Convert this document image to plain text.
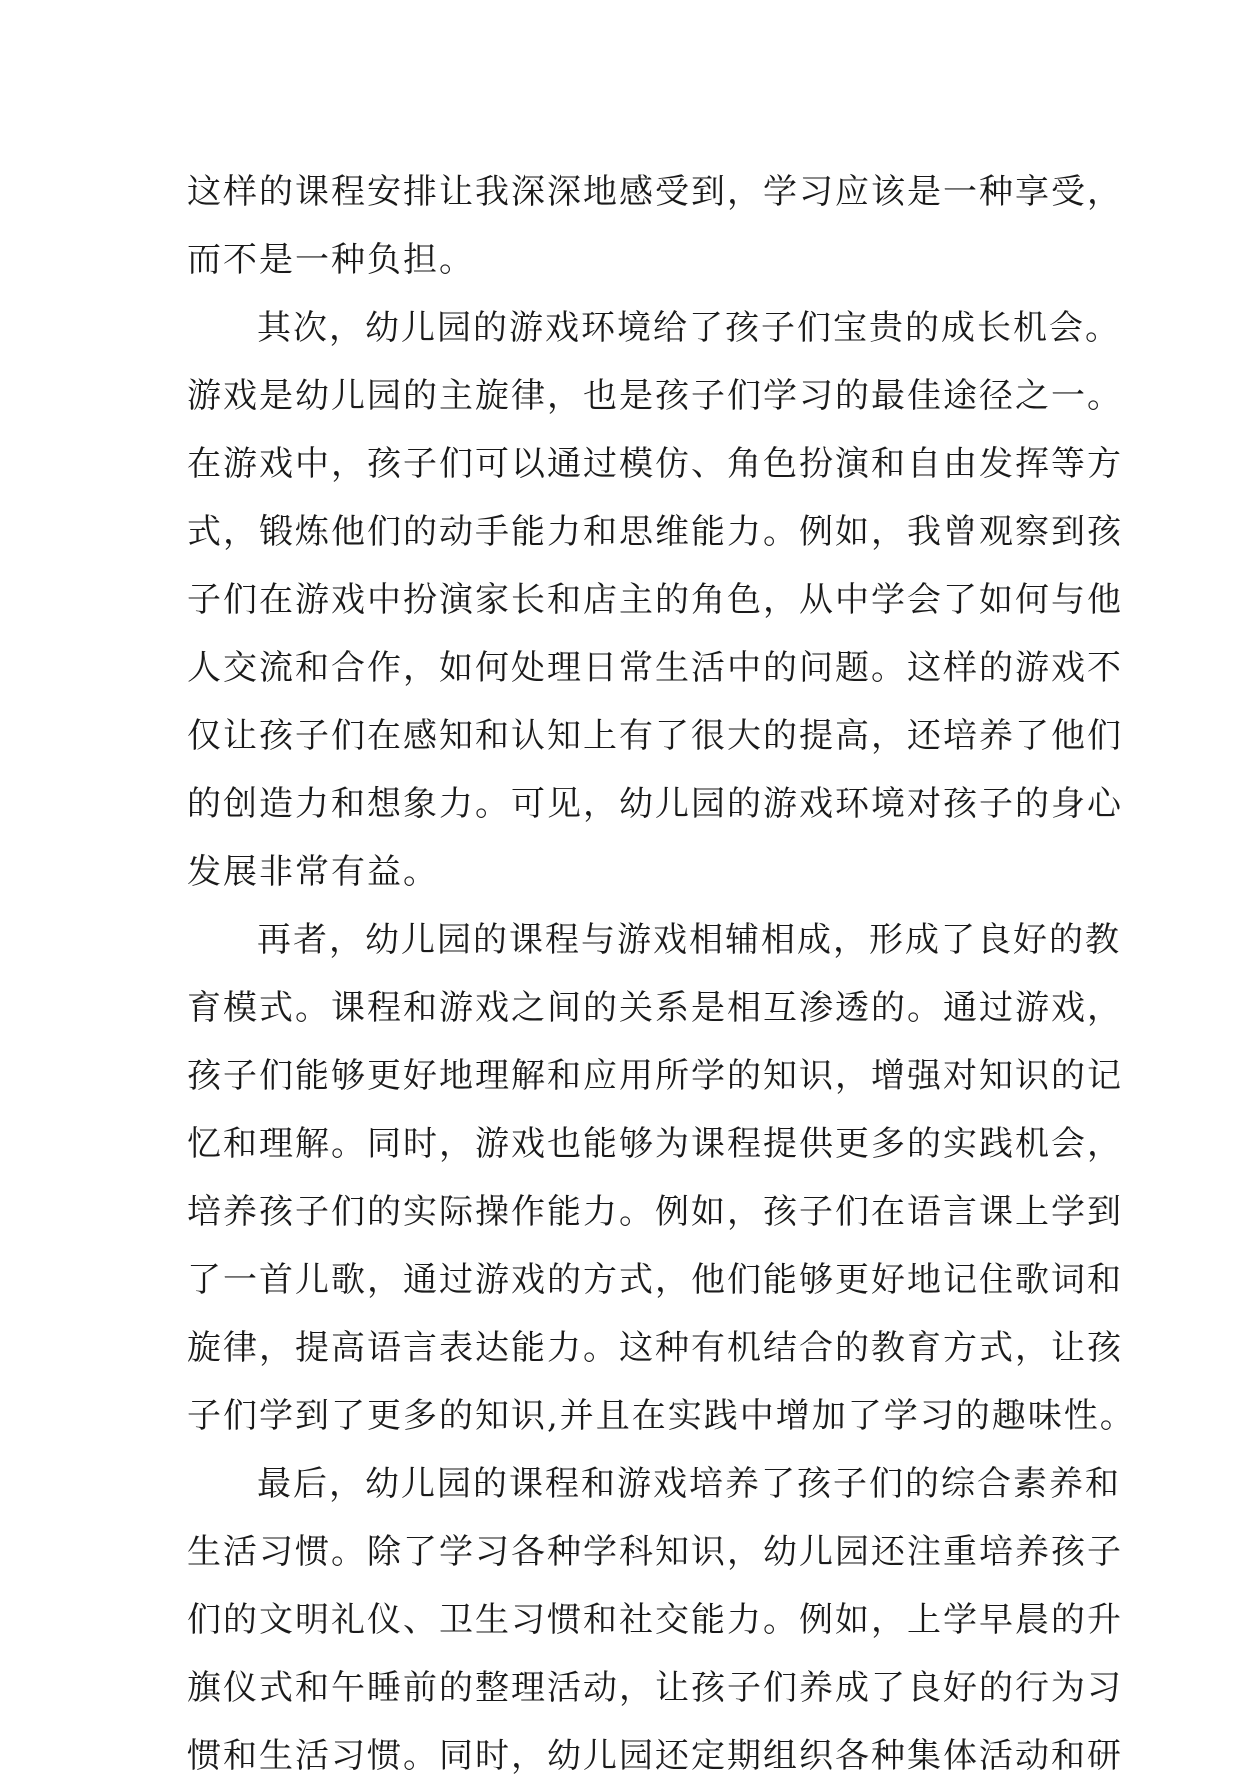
这样的课程安排让我深深地感受到，学习应该是一种享受，
而不是一种负担。
其次，幼儿园的游戏环境给了孩子们宝贵的成长机会。
游戏是幼儿园的主旋律，也是孩子们学习的最佳途径之一。
在游戏中，孩子们可以通过模仿、角色扮演和自由发挥等方
式，锻炼他们的动手能力和思维能力。例如，我曾观察到孩
子们在游戏中扮演家长和店主的角色，从中学会了如何与他
人交流和合作，如何处理日常生活中的问题。这样的游戏不
仅让孩子们在感知和认知上有了很大的提高，还培养了他们
的创造力和想象力。可见，幼儿园的游戏环境对孩子的身心
发展非常有益。
再者，幼儿园的课程与游戏相辅相成，形成了良好的教
育模式。课程和游戏之间的关系是相互渗透的。通过游戏，
孩子们能够更好地理解和应用所学的知识，增强对知识的记
忆和理解。同时，游戏也能够为课程提供更多的实践机会，
培养孩子们的实际操作能力。例如，孩子们在语言课上学到
了一首儿歌，通过游戏的方式，他们能够更好地记住歌词和
旋律，提高语言表达能力。这种有机结合的教育方式，让孩
子们学到了更多的知识,并且在实践中增加了学习的趣味性。
最后，幼儿园的课程和游戏培养了孩子们的综合素养和
生活习惯。除了学习各种学科知识，幼儿园还注重培养孩子
们的文明礼仪、卫生习惯和社交能力。例如，上学早晨的升
旗仪式和午睡前的整理活动，让孩子们养成了良好的行为习
惯和生活习惯。同时，幼儿园还定期组织各种集体活动和研
